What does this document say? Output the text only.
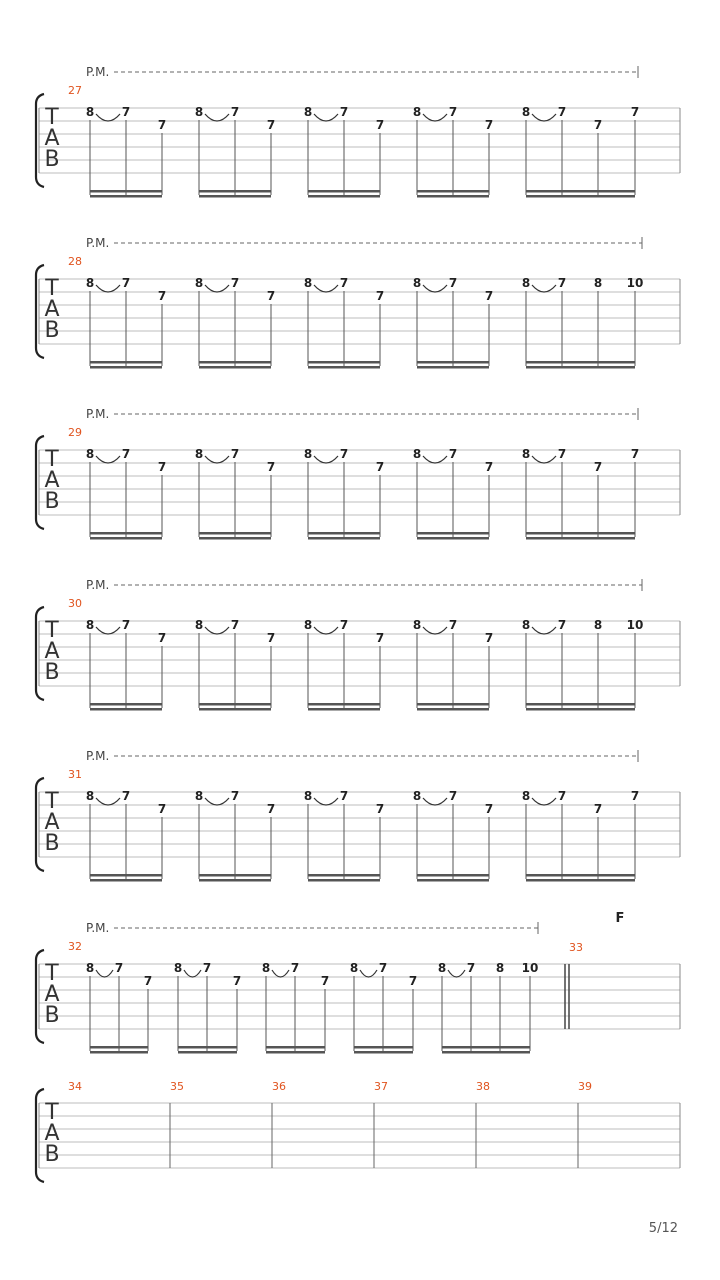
T
A
B
P.M.
27
8 7
7
8 7
7
8 7
7
8 7
7
8 7
7
7
T
A
B
P.M.
28
8 7
7
8 7
7
8 7
7
8 7
7
8 7 8 10
T
A
B
P.M.
29
8 7
7
8 7
7
8 7
7
8 7
7
8 7
7
7
T
A
B
P.M.
30
8 7
7
8 7
7
8 7
7
8 7
7
8 7 8 10
T
A
B
P.M.
31
8 7
7
8 7
7
8 7
7
8 7
7
8 7
7
7
T
A
B
P.M.
32
8 7
7
8 7
7
8 7
7
8 7
7
8 7 8 10
33
F
T
A
B
34	35	36	37	38	39
5/12
